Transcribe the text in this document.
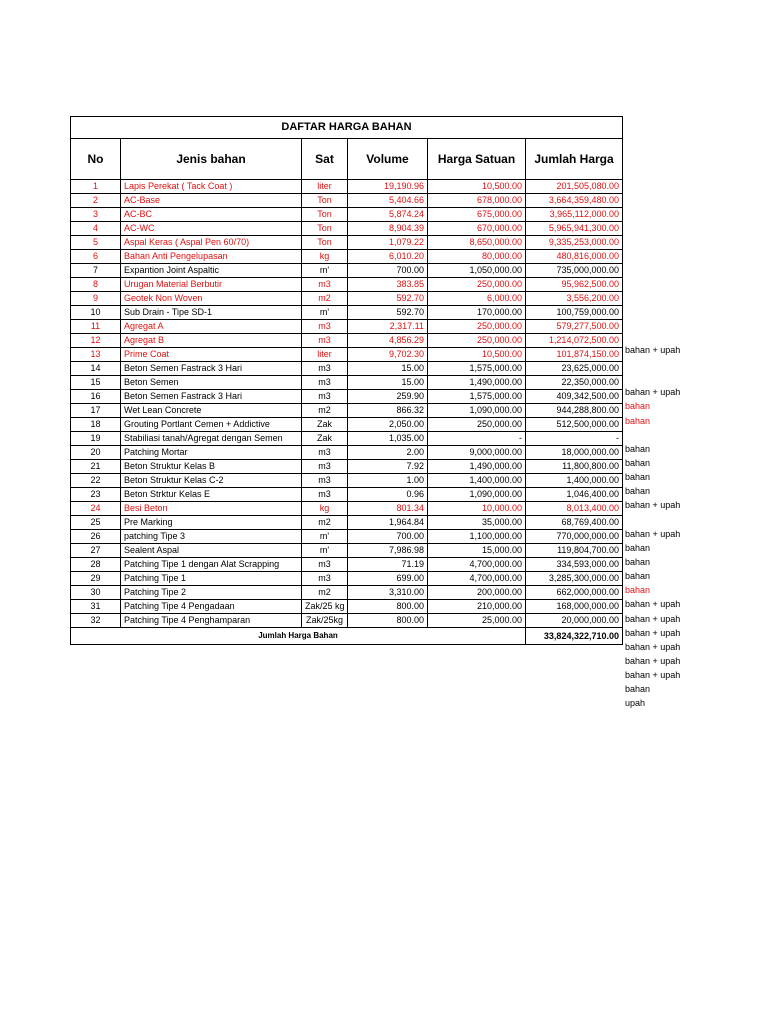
DAFTAR HARGA BAHAN					
No	Jenis bahan	Sat	Volume	Harga Satuan	Jumlah Harga
1	Lapis Perekat ( Tack Coat )	liter	19,190.96	10,500.00	201,505,080.00
2	AC-Base	Ton	5,404.66	678,000.00	3,664,359,480.00
3	AC-BC	Ton	5,874.24	675,000.00	3,965,112,000.00
4	AC-WC	Ton	8,904.39	670,000.00	5,965,941,300.00
5	Aspal Keras ( Aspal Pen 60/70)	Ton	1,079.22	8,650,000.00	9,335,253,000.00
6	Bahan Anti Pengelupasan	kg	6,010.20	80,000.00	480,816,000.00
7	Expantion Joint Aspaltic	m'	700.00	1,050,000.00	735,000,000.00
8	Urugan Material Berbutir	m3	383.85	250,000.00	95,962,500.00
9	Geotek Non Woven	m2	592.70	6,000.00	3,556,200.00
10	Sub Drain - Tipe SD-1	m'	592.70	170,000.00	100,759,000.00
11	Agregat A	m3	2,317.11	250,000.00	579,277,500.00
12	Agregat B	m3	4,856.29	250,000.00	1,214,072,500.00
13	Prime Coat	liter	9,702.30	10,500.00	101,874,150.00
14	Beton Semen Fastrack 3 Hari	m3	15.00	1,575,000.00	23,625,000.00
15	Beton Semen	m3	15.00	1,490,000.00	22,350,000.00
16	Beton Semen Fastrack 3 Hari	m3	259.90	1,575,000.00	409,342,500.00
17	Wet Lean Concrete	m2	866.32	1,090,000.00	944,288,800.00
18	Grouting Portlant Cemen + Addictive	Zak	2,050.00	250,000.00	512,500,000.00
19	Stabiliasi tanah/Agregat dengan Semen	Zak	1,035.00	-	-
20	Patching Mortar	m3	2.00	9,000,000.00	18,000,000.00
21	Beton Struktur Kelas B	m3	7.92	1,490,000.00	11,800,800.00
22	Beton Struktur Kelas C-2	m3	1.00	1,400,000.00	1,400,000.00
23	Beton Strktur Kelas E	m3	0.96	1,090,000.00	1,046,400.00
24	Besi Beton	kg	801.34	10,000.00	8,013,400.00
25	Pre Marking	m2	1,964.84	35,000.00	68,769,400.00
26	patching Tipe 3	m'	700.00	1,100,000.00	770,000,000.00
27	Sealent Aspal	m'	7,986.98	15,000.00	119,804,700.00
28	Patching Tipe 1 dengan Alat Scrapping	m3	71.19	4,700,000.00	334,593,000.00
29	Patching Tipe 1	m3	699.00	4,700,000.00	3,285,300,000.00
30	Patching Tipe 2	m2	3,310.00	200,000.00	662,000,000.00
31	Patching Tipe 4 Pengadaan	Zak/25 kg	800.00	210,000.00	168,000,000.00
32	Patching Tipe 4 Penghamparan	Zak/25kg	800.00	25,000.00	20,000,000.00
Jumlah Harga Bahan					33,824,322,710.00
bahan + upah
bahan + upah
bahan
bahan
bahan
bahan
bahan
bahan
bahan + upah
bahan + upah
bahan
bahan
bahan
bahan
bahan + upah
bahan + upah
bahan + upah
bahan + upah
bahan + upah
bahan + upah
bahan
upah
